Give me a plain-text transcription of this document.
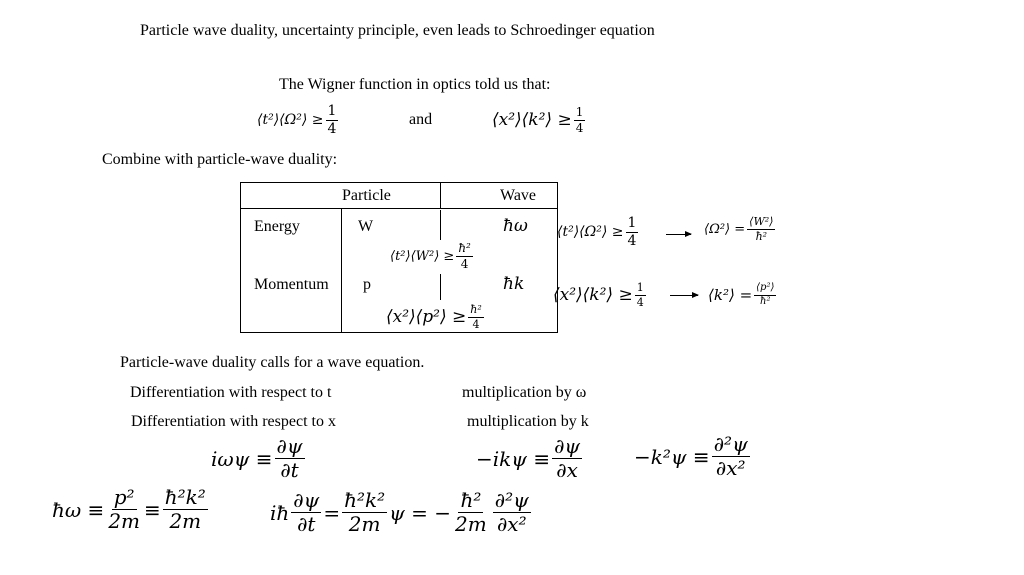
Particle wave duality, uncertainty principle, even leads to Schroedinger equation
The Wigner function in optics told us that:
⟨t²⟩⟨Ω²⟩ ≥ $\frac{1}{4}$	and	⟨x²⟩⟨k²⟩ ≥ $\frac{1}{4}$
Combine with particle-wave duality:
Particle	Wave
Energy	W	ħω
⟨t²⟩⟨W²⟩ ≥ $\frac{\text{ħ²}}{4}$
Momentum p	ħk
⟨x²⟩⟨p²⟩ ≥ $\frac{\text{ħ²}}{4}$
⟨t²⟩⟨Ω²⟩ ≥ $\frac{1}{4}$	⟨Ω²⟩ = $\frac{\text{⟨W²⟩}}{\text{ħ²}}$
⟨x²⟩⟨k²⟩ ≥ $\frac{1}{4}$	⟨k²⟩ = $\frac{\text{⟨p²⟩}}{\text{ħ²}}$
Particle-wave duality calls for a wave equation.
Differentiation with respect to t	multiplication by ω
Differentiation with respect to x	multiplication by k
$i\omega\psi \equiv \frac{\partial\psi}{\partial t}$	$-ik\psi \equiv \frac{\partial\psi}{\partial x}$	$-k^2\psi \equiv \frac{\text{∂²ψ}}{\text{∂x²}}$
ħω ≡ $\frac{\text{p²}}{2m} \equiv \frac{\text{ħ²k²}}{2m}$	iħ $\frac{\partial\psi}{\partial t} = \frac{\text{ħ²k²}}{2m}$ ψ = − $\frac{\text{ħ²}}{2m} \frac{\text{∂²ψ}}{\text{∂x²}}$
